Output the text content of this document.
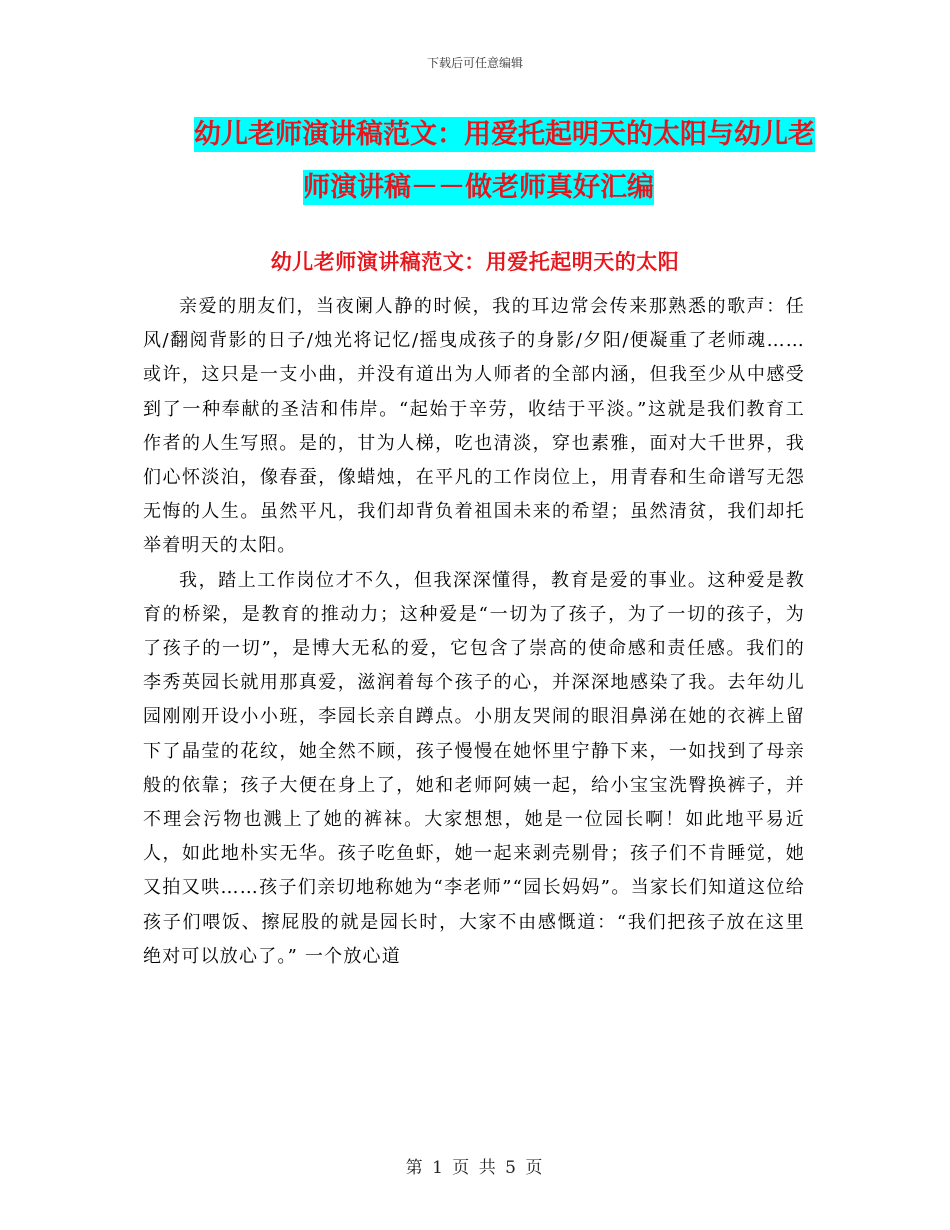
下载后可任意编辑
幼儿老师演讲稿范文：用爱托起明天的太阳与幼儿老
师演讲稿－－做老师真好汇编
幼儿老师演讲稿范文：用爱托起明天的太阳

亲爱的朋友们，当夜阑人静的时候，我的耳边常会传来那熟悉的歌声：任风/翻阅背影的日子/烛光将记忆/摇曳成孩子的身影/夕阳/便凝重了老师魂……或许，这只是一支小曲，并没有道出为人师者的全部内涵，但我至少从中感受到了一种奉献的圣洁和伟岸。“起始于辛劳，收结于平淡。”这就是我们教育工作者的人生写照。是的，甘为人梯，吃也清淡，穿也素雅，面对大千世界，我们心怀淡泊，像春蚕，像蜡烛，在平凡的工作岗位上，用青春和生命谱写无怨无悔的人生。虽然平凡，我们却背负着祖国未来的希望；虽然清贫，我们却托举着明天的太阳。

我，踏上工作岗位才不久，但我深深懂得，教育是爱的事业。这种爱是教育的桥梁，是教育的推动力；这种爱是“一切为了孩子，为了一切的孩子，为了孩子的一切”，是博大无私的爱，它包含了崇高的使命感和责任感。我们的李秀英园长就用那真爱，滋润着每个孩子的心，并深深地感染了我。去年幼儿园刚刚开设小小班，李园长亲自蹲点。小朋友哭闹的眼泪鼻涕在她的衣裤上留下了晶莹的花纹，她全然不顾，孩子慢慢在她怀里宁静下来，一如找到了母亲般的依靠；孩子大便在身上了，她和老师阿姨一起，给小宝宝洗臀换裤子，并不理会污物也溅上了她的裤袜。大家想想，她是一位园长啊！如此地平易近人，如此地朴实无华。孩子吃鱼虾，她一起来剥壳剔骨；孩子们不肯睡觉，她又拍又哄……孩子们亲切地称她为“李老师”“园长妈妈”。当家长们知道这位给孩子们喂饭、擦屁股的就是园长时，大家不由感慨道：“我们把孩子放在这里绝对可以放心了。” 一个放心道

第 1 页 共 5 页
